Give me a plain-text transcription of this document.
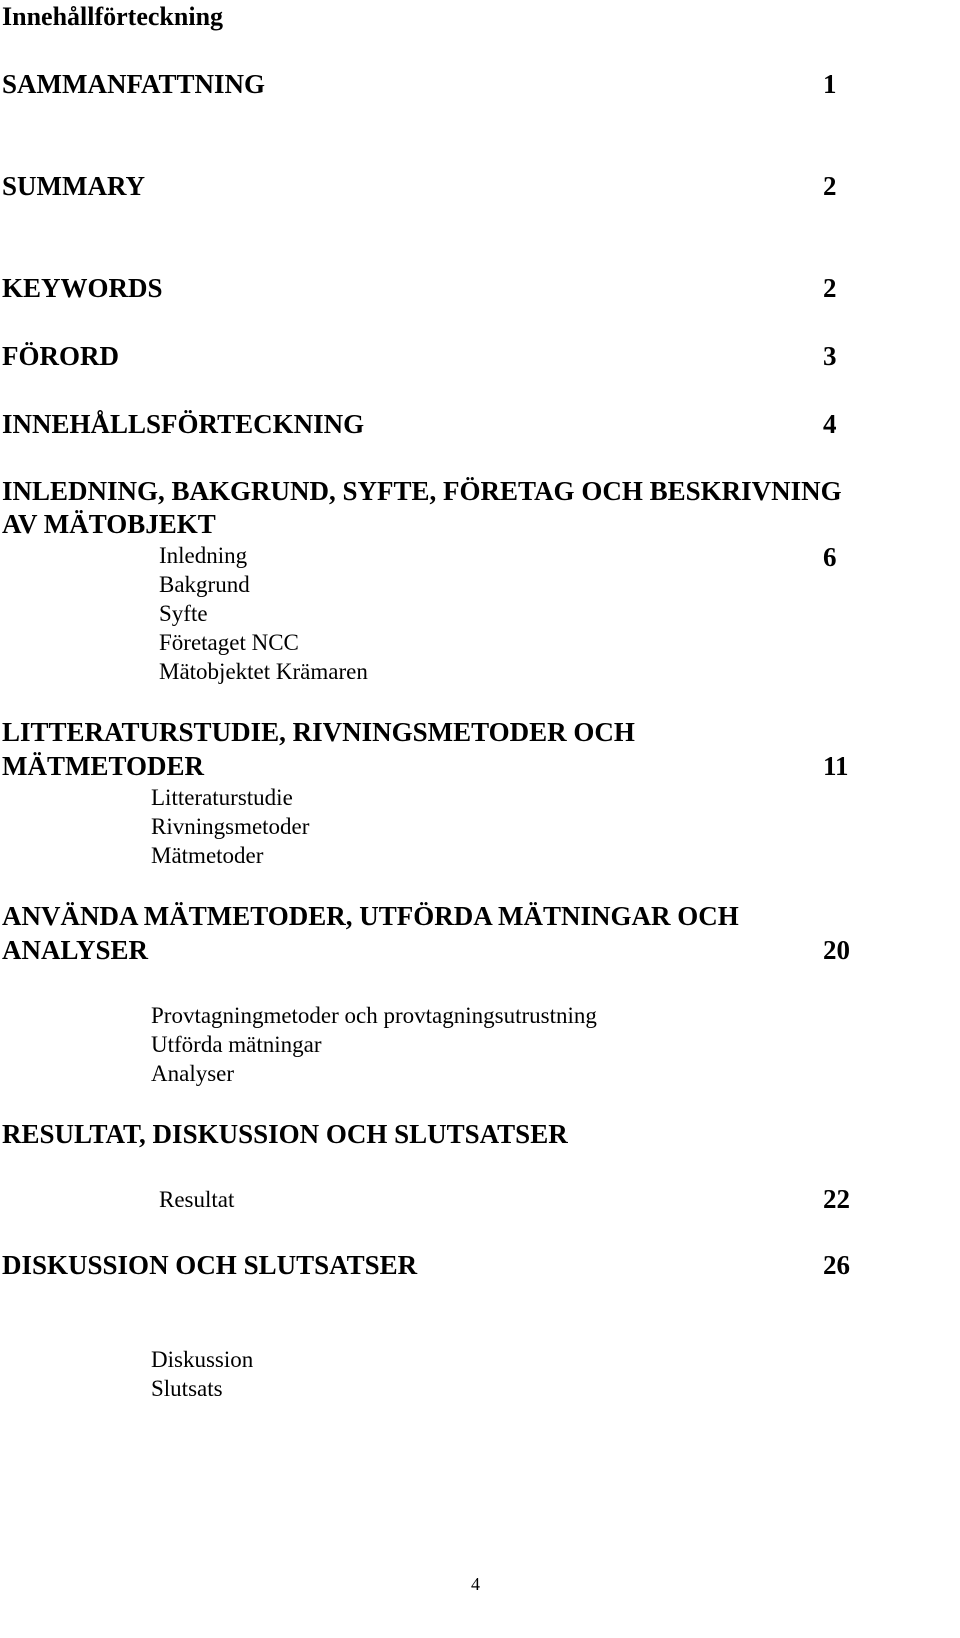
Innehållförteckning
SAMMANFATTNING	1
SUMMARY	2
KEYWORDS	2
FÖRORD	3
INNEHÅLLSFÖRTECKNING	4
INLEDNING, BAKGRUND, SYFTE, FÖRETAG OCH BESKRIVNING
AV MÄTOBJEKT
Inledning	6
Bakgrund
Syfte
Företaget NCC
Mätobjektet Krämaren
LITTERATURSTUDIE, RIVNINGSMETODER OCH
MÄTMETODER	11
Litteraturstudie
Rivningsmetoder
Mätmetoder
ANVÄNDA MÄTMETODER, UTFÖRDA MÄTNINGAR OCH
ANALYSER	20
Provtagningmetoder och provtagningsutrustning
Utförda mätningar
Analyser
RESULTAT, DISKUSSION OCH SLUTSATSER
Resultat	22
DISKUSSION OCH SLUTSATSER	26
Diskussion
Slutsats
4
